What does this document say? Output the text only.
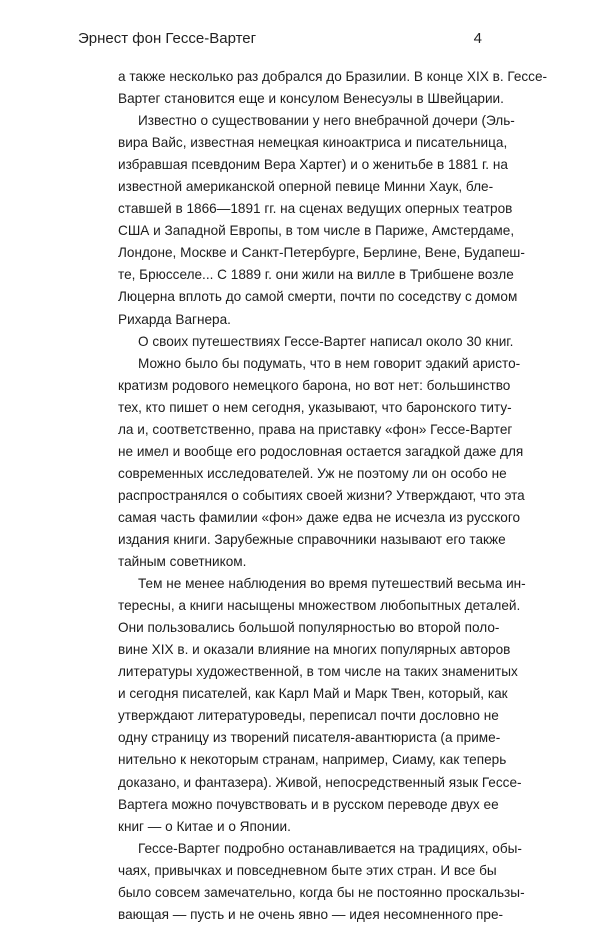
Эрнест фон Гессе-Вартег	4

а также несколько раз добрался до Бразилии. В конце XIX в. Гессе-
Вартег становится еще и консулом Венесуэлы в Швейцарии.

Известно о существовании у него внебрачной дочери (Эль-
вира Вайс, известная немецкая киноактриса и писательница,
избравшая псевдоним Вера Хартег) и о женитьбе в 1881 г. на
известной американской оперной певице Минни Хаук, бле-
ставшей в 1866—1891 гг. на сценах ведущих оперных театров
США и Западной Европы, в том числе в Париже, Амстердаме,
Лондоне, Москве и Санкт-Петербурге, Берлине, Вене, Будапеш-
те, Брюсселе... С 1889 г. они жили на вилле в Трибшене возле
Люцерна вплоть до самой смерти, почти по соседству с домом
Рихарда Вагнера.

О своих путешествиях Гессе-Вартег написал около 30 книг.

Можно было бы подумать, что в нем говорит эдакий аристо-
кратизм родового немецкого барона, но вот нет: большинство
тех, кто пишет о нем сегодня, указывают, что баронского титу-
ла и, соответственно, права на приставку «фон» Гессе-Вартег
не имел и вообще его родословная остается загадкой даже для
современных исследователей. Уж не поэтому ли он особо не
распространялся о событиях своей жизни? Утверждают, что эта
самая часть фамилии «фон» даже едва не исчезла из русского
издания книги. Зарубежные справочники называют его также
тайным советником.

Тем не менее наблюдения во время путешествий весьма ин-
тересны, а книги насыщены множеством любопытных деталей.
Они пользовались большой популярностью во второй поло-
вине XIX в. и оказали влияние на многих популярных авторов
литературы художественной, в том числе на таких знаменитых
и сегодня писателей, как Карл Май и Марк Твен, который, как
утверждают литературоведы, переписал почти дословно не
одну страницу из творений писателя-авантюриста (а приме-
нительно к некоторым странам, например, Сиаму, как теперь
доказано, и фантазера). Живой, непосредственный язык Гессе-
Вартега можно почувствовать и в русском переводе двух ее
книг — о Китае и о Японии.

Гессе-Вартег подробно останавливается на традициях, обы-
чаях, привычках и повседневном быте этих стран. И все бы
было совсем замечательно, когда бы не постоянно проскальзы-
вающая — пусть и не очень явно — идея несомненного пре-
